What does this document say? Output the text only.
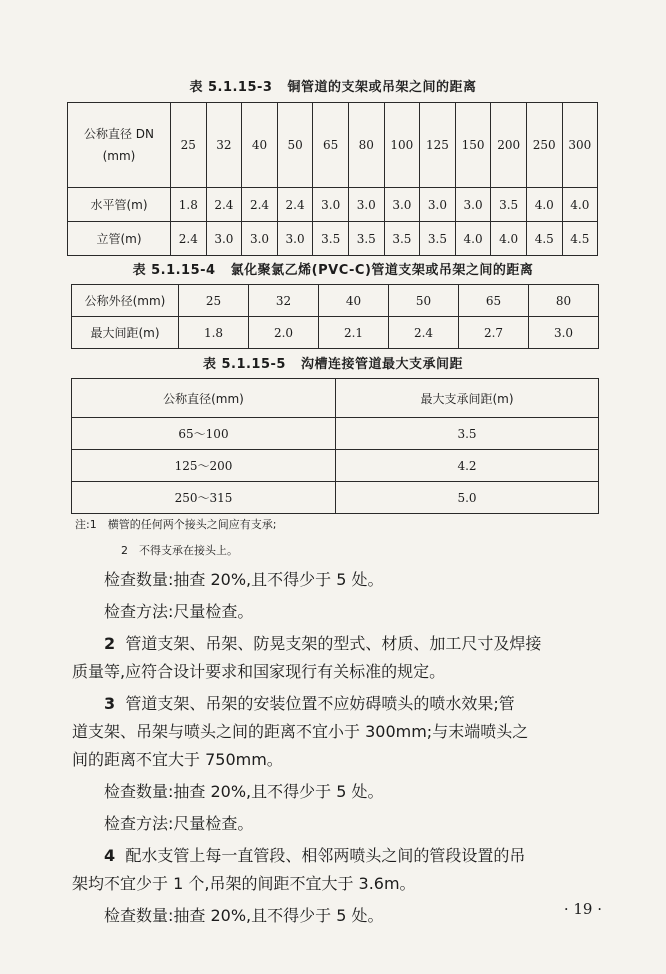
表 5.1.15-3 铜管道的支架或吊架之间的距离
公称直径 DN
(mm)	25	32	40	50	65	80	100	125	150	200	250	300
水平管(m)	1.8	2.4	2.4	2.4	3.0	3.0	3.0	3.0	3.0	3.5	4.0	4.0
立管(m)	2.4	3.0	3.0	3.0	3.5	3.5	3.5	3.5	4.0	4.0	4.5	4.5
表 5.1.15-4 氯化聚氯乙烯(PVC-C)管道支架或吊架之间的距离
公称外径(mm)	25	32	40	50	65	80
最大间距(m)	1.8	2.0	2.1	2.4	2.7	3.0
表 5.1.15-5 沟槽连接管道最大支承间距
公称直径(mm)	最大支承间距(m)
65～100	3.5
125～200	4.2
250～315	5.0
注:1　横管的任何两个接头之间应有支承;
2　不得支承在接头上。
检查数量:抽查 20%,且不得少于 5 处。
检查方法:尺量检查。
2 管道支架、吊架、防晃支架的型式、材质、加工尺寸及焊接
质量等,应符合设计要求和国家现行有关标准的规定。
3 管道支架、吊架的安装位置不应妨碍喷头的喷水效果;管
道支架、吊架与喷头之间的距离不宜小于 300mm;与末端喷头之
间的距离不宜大于 750mm。
检查数量:抽查 20%,且不得少于 5 处。
检查方法:尺量检查。
4 配水支管上每一直管段、相邻两喷头之间的管段设置的吊
架均不宜少于 1 个,吊架的间距不宜大于 3.6m。
检查数量:抽查 20%,且不得少于 5 处。	· 19 ·
